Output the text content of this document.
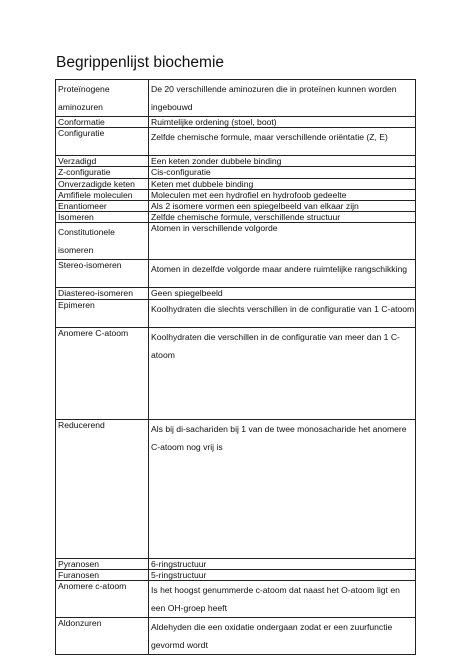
Begrippenlijst biochemie
Proteïnogene aminozuren	De 20 verschillende aminozuren die in proteïnen kunnen worden ingebouwd

Conformatie	Ruimtelijke ordening (stoel, boot)

Configuratie	Zelfde chemische formule, maar verschillende oriëntatie (Z, E)

Verzadigd	Een keten zonder dubbele binding

Z-configuratie	Cis-configuratie

Onverzadigde keten	Keten met dubbele binding

Amfifiele moleculen	Moleculen met een hydrofiel en hydrofoob gedeelte

Enantiomeer	Als 2 isomere vormen een spiegelbeeld van elkaar zijn

Isomeren	Zelfde chemische formule, verschillende structuur

Constitutionele isomeren	Atomen in verschillende volgorde

Stereo-isomeren	Atomen in dezelfde volgorde maar andere ruimtelijke rangschikking

Diastereo-isomeren	Geen spiegelbeeld

Epimeren	Koolhydraten die slechts verschillen in de configuratie van 1 C-atoom

Anomere C-atoom	Koolhydraten die verschillen in de configuratie van meer dan 1 C-atoom

Reducerend	Als bij di-sachariden bij 1 van de twee monosacharide het anomere C-atoom nog vrij is

Pyranosen	6-ringstructuur

Furanosen	5-ringstructuur

Anomere c-atoom	Is het hoogst genummerde c-atoom dat naast het O-atoom ligt en een OH-groep heeft

Aldonzuren	Aldehyden die een oxidatie ondergaan zodat er een zuurfunctie gevormd wordt
